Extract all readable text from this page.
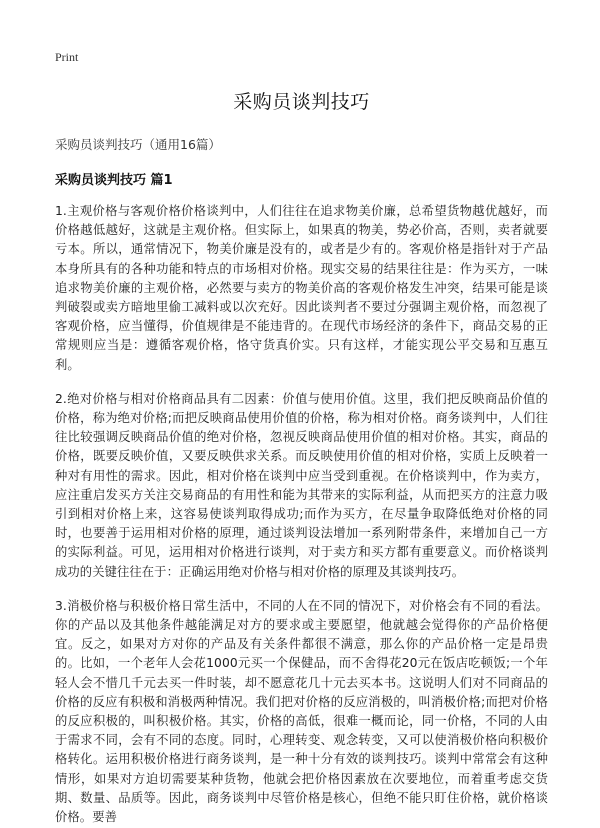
Print
采购员谈判技巧
采购员谈判技巧（通用16篇）
采购员谈判技巧 篇1

1.主观价格与客观价格价格谈判中，人们往往在追求物美价廉，总希望货物越优越好，而价格越低越好，这就是主观价格。但实际上，如果真的物美，势必价高，否则，卖者就要亏本。所以，通常情况下，物美价廉是没有的，或者是少有的。客观价格是指针对于产品本身所具有的各种功能和特点的市场相对价格。现实交易的结果往往是：作为买方，一味追求物美价廉的主观价格，必然要与卖方的物美价高的客观价格发生冲突，结果可能是谈判破裂或卖方暗地里偷工减料或以次充好。因此谈判者不要过分强调主观价格，而忽视了客观价格，应当懂得，价值规律是不能违背的。在现代市场经济的条件下，商品交易的正常规则应当是：遵循客观价格，恪守货真价实。只有这样，才能实现公平交易和互惠互利。

2.绝对价格与相对价格商品具有二因素：价值与使用价值。这里，我们把反映商品价值的价格，称为绝对价格;而把反映商品使用价值的价格，称为相对价格。商务谈判中，人们往往比较强调反映商品价值的绝对价格，忽视反映商品使用价值的相对价格。其实，商品的价格，既要反映价值，又要反映供求关系。而反映使用价值的相对价格，实质上反映着一种对有用性的需求。因此，相对价格在谈判中应当受到重视。在价格谈判中，作为卖方，应注重启发买方关注交易商品的有用性和能为其带来的实际利益，从而把买方的注意力吸引到相对价格上来，这容易使谈判取得成功;而作为买方，在尽量争取降低绝对价格的同时，也要善于运用相对价格的原理，通过谈判设法增加一系列附带条件，来增加自己一方的实际利益。可见，运用相对价格进行谈判，对于卖方和买方都有重要意义。而价格谈判成功的关键往往在于：正确运用绝对价格与相对价格的原理及其谈判技巧。

3.消极价格与积极价格日常生活中，不同的人在不同的情况下，对价格会有不同的看法。你的产品以及其他条件越能满足对方的要求或主要愿望，他就越会觉得你的产品价格便宜。反之，如果对方对你的产品及有关条件都很不满意，那么你的产品价格一定是昂贵的。比如，一个老年人会花1000元买一个保健品，而不舍得花20元在饭店吃顿饭;一个年轻人会不惜几千元去买一件时装，却不愿意花几十元去买本书。这说明人们对不同商品的价格的反应有积极和消极两种情况。我们把对价格的反应消极的，叫消极价格;而把对价格的反应积极的，叫积极价格。其实，价格的高低，很难一概而论，同一价格，不同的人由于需求不同，会有不同的态度。同时，心理转变、观念转变，又可以使消极价格向积极价格转化。运用积极价格进行商务谈判，是一种十分有效的谈判技巧。谈判中常常会有这种情形，如果对方迫切需要某种货物，他就会把价格因素放在次要地位，而着重考虑交货期、数量、品质等。因此，商务谈判中尽管价格是核心，但绝不能只盯住价格，就价格谈价格。要善
